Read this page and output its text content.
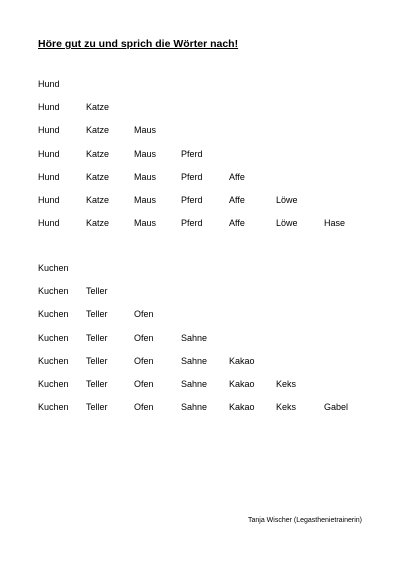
Höre gut zu und sprich die Wörter nach!
Hund
Hund	Katze
Hund	Katze	Maus
Hund	Katze	Maus	Pferd
Hund	Katze	Maus	Pferd	Affe
Hund	Katze	Maus	Pferd	Affe	Löwe
Hund	Katze	Maus	Pferd	Affe	Löwe	Hase
Kuchen
Kuchen Teller
Kuchen Teller	Ofen
Kuchen Teller	Ofen	Sahne
Kuchen Teller	Ofen	Sahne Kakao
Kuchen Teller	Ofen	Sahne Kakao Keks
Kuchen Teller	Ofen	Sahne Kakao Keks	Gabel
Tanja Wischer (Legasthenietrainerin)
